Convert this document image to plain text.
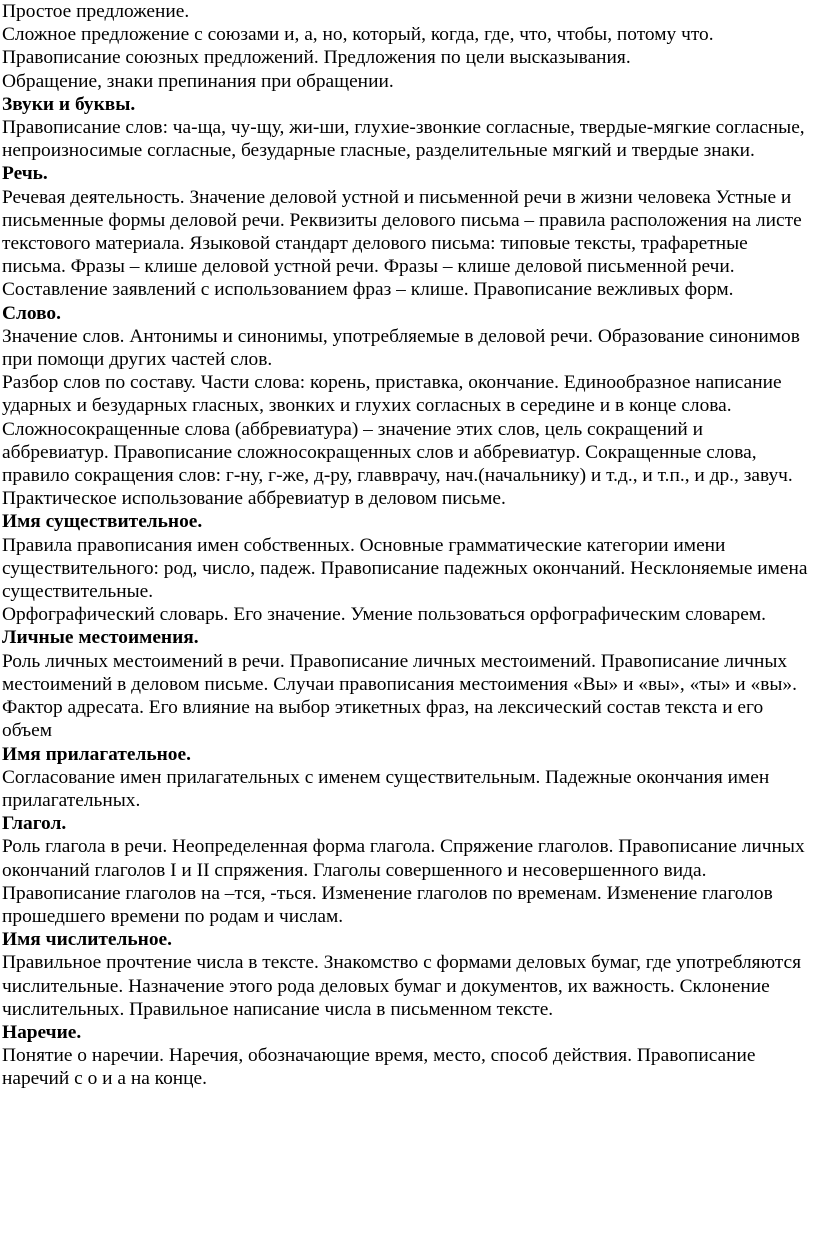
Простое предложение.

Сложное предложение с союзами и, а, но, который, когда, где, что, чтобы, потому что.

Правописание союзных предложений. Предложения по цели высказывания.

Обращение, знаки препинания при обращении.

Звуки и буквы.

Правописание слов: ча-ща, чу-щу, жи-ши, глухие-звонкие согласные, твердые-мягкие согласные, непроизносимые согласные, безударные гласные, разделительные мягкий и твердые знаки.

Речь.

Речевая деятельность. Значение деловой устной и письменной речи в жизни человека Устные и письменные формы деловой речи. Реквизиты делового письма – правила расположения на листе текстового материала. Языковой стандарт делового письма: типовые тексты, трафаретные письма. Фразы – клише деловой устной речи. Фразы – клише деловой письменной речи. Составление заявлений с использованием фраз – клише. Правописание вежливых форм.

Слово.

Значение слов. Антонимы и синонимы, употребляемые в деловой речи. Образование синонимов при помощи других частей слов.

Разбор слов по составу. Части слова: корень, приставка, окончание. Единообразное написание ударных и безударных гласных, звонких и глухих согласных в середине и в конце слова.

Сложносокращенные слова (аббревиатура) – значение этих слов, цель сокращений и аббревиатур. Правописание сложносокращенных слов и аббревиатур. Сокращенные слова, правило сокращения слов: г-ну, г-же, д-ру, главврачу, нач.(начальнику) и т.д., и т.п., и др., завуч.

Практическое использование аббревиатур в деловом письме.

Имя существительное.

Правила правописания имен собственных. Основные грамматические категории имени существительного: род, число, падеж. Правописание падежных окончаний. Несклоняемые имена существительные.

Орфографический словарь. Его значение. Умение пользоваться орфографическим словарем.

Личные местоимения.

Роль личных местоимений в речи. Правописание личных местоимений. Правописание личных местоимений в деловом письме. Случаи правописания местоимения «Вы» и «вы», «ты» и «вы». Фактор адресата. Его влияние на выбор этикетных фраз, на лексический состав текста и его объем

Имя прилагательное.

Согласование имен прилагательных с именем существительным. Падежные окончания имен прилагательных.

Глагол.

Роль глагола в речи. Неопределенная форма глагола. Спряжение глаголов. Правописание личных окончаний глаголов I и II спряжения. Глаголы совершенного и несовершенного вида. Правописание глаголов на –тся, -ться. Изменение глаголов по временам. Изменение глаголов прошедшего времени по родам и числам.

Имя числительное.

Правильное прочтение числа в тексте. Знакомство с формами деловых бумаг, где употребляются числительные. Назначение этого рода деловых бумаг и документов, их важность. Склонение числительных. Правильное написание числа в письменном тексте.

Наречие.

Понятие о наречии. Наречия, обозначающие время, место, способ действия. Правописание наречий с о и а на конце.
